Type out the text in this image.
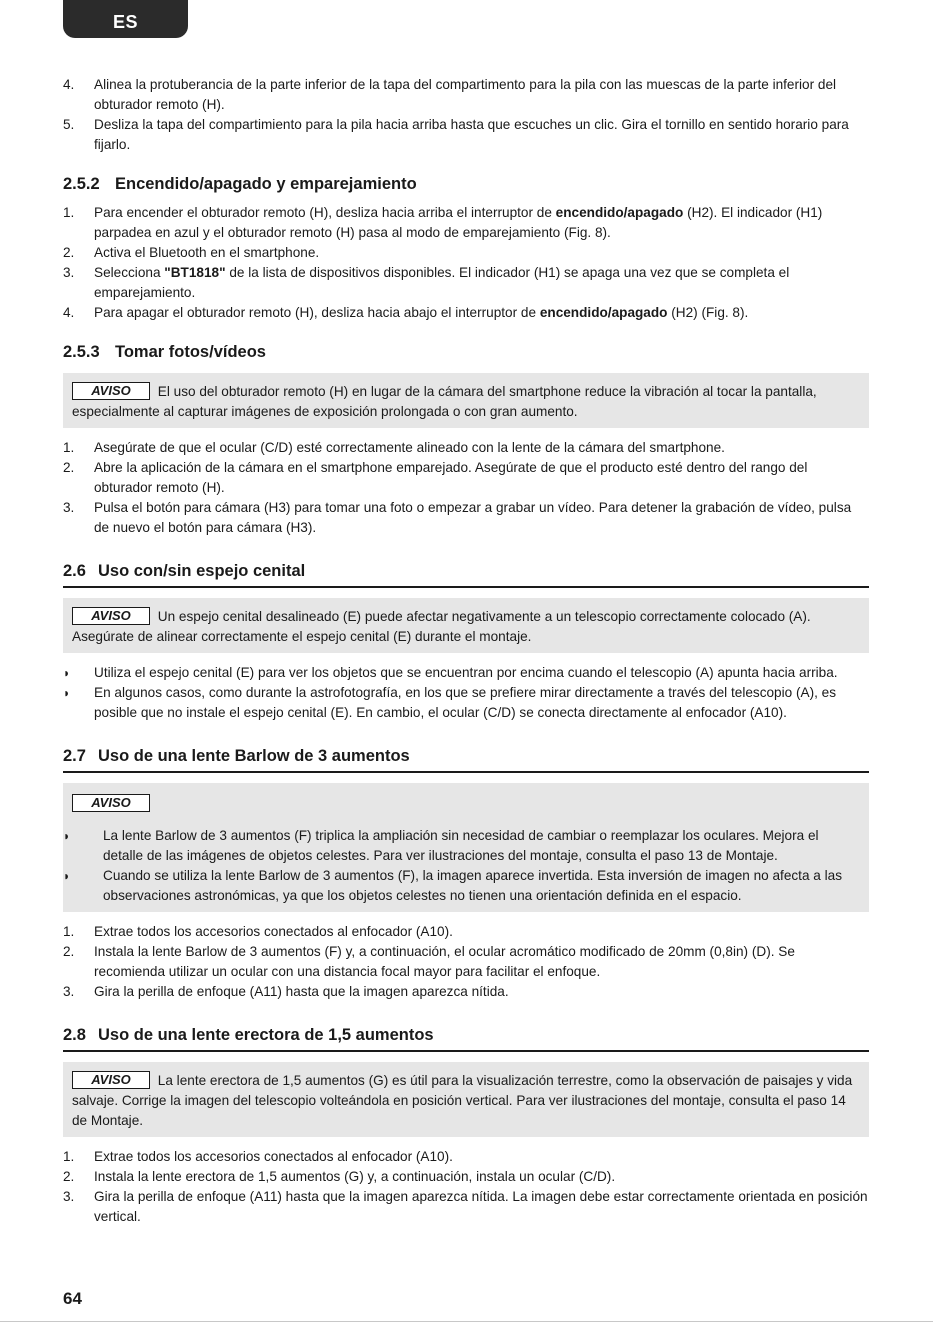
ES
4. Alinea la protuberancia de la parte inferior de la tapa del compartimento para la pila con las muescas de la parte inferior del obturador remoto (H).
5. Desliza la tapa del compartimiento para la pila hacia arriba hasta que escuches un clic. Gira el tornillo en sentido horario para fijarlo.
2.5.2 Encendido/apagado y emparejamiento
1. Para encender el obturador remoto (H), desliza hacia arriba el interruptor de encendido/apagado (H2). El indicador (H1) parpadea en azul y el obturador remoto (H) pasa al modo de emparejamiento (Fig. 8).
2. Activa el Bluetooth en el smartphone.
3. Selecciona "BT1818" de la lista de dispositivos disponibles. El indicador (H1) se apaga una vez que se completa el emparejamiento.
4. Para apagar el obturador remoto (H), desliza hacia abajo el interruptor de encendido/apagado (H2) (Fig. 8).
2.5.3 Tomar fotos/vídeos
AVISO El uso del obturador remoto (H) en lugar de la cámara del smartphone reduce la vibración al tocar la pantalla, especialmente al capturar imágenes de exposición prolongada o con gran aumento.
1. Asegúrate de que el ocular (C/D) esté correctamente alineado con la lente de la cámara del smartphone.
2. Abre la aplicación de la cámara en el smartphone emparejado. Asegúrate de que el producto esté dentro del rango del obturador remoto (H).
3. Pulsa el botón para cámara (H3) para tomar una foto o empezar a grabar un vídeo. Para detener la grabación de vídeo, pulsa de nuevo el botón para cámara (H3).
2.6 Uso con/sin espejo cenital
AVISO Un espejo cenital desalineado (E) puede afectar negativamente a un telescopio correctamente colocado (A). Asegúrate de alinear correctamente el espejo cenital (E) durante el montaje.
◗ Utiliza el espejo cenital (E) para ver los objetos que se encuentran por encima cuando el telescopio (A) apunta hacia arriba.
◗ En algunos casos, como durante la astrofotografía, en los que se prefiere mirar directamente a través del telescopio (A), es posible que no instale el espejo cenital (E). En cambio, el ocular (C/D) se conecta directamente al enfocador (A10).
2.7 Uso de una lente Barlow de 3 aumentos
AVISO
◗ La lente Barlow de 3 aumentos (F) triplica la ampliación sin necesidad de cambiar o reemplazar los oculares. Mejora el detalle de las imágenes de objetos celestes. Para ver ilustraciones del montaje, consulta el paso 13 de Montaje.
◗ Cuando se utiliza la lente Barlow de 3 aumentos (F), la imagen aparece invertida. Esta inversión de imagen no afecta a las observaciones astronómicas, ya que los objetos celestes no tienen una orientación definida en el espacio.
1. Extrae todos los accesorios conectados al enfocador (A10).
2. Instala la lente Barlow de 3 aumentos (F) y, a continuación, el ocular acromático modificado de 20mm (0,8in) (D). Se recomienda utilizar un ocular con una distancia focal mayor para facilitar el enfoque.
3. Gira la perilla de enfoque (A11) hasta que la imagen aparezca nítida.
2.8 Uso de una lente erectora de 1,5 aumentos
AVISO La lente erectora de 1,5 aumentos (G) es útil para la visualización terrestre, como la observación de paisajes y vida salvaje. Corrige la imagen del telescopio volteándola en posición vertical. Para ver ilustraciones del montaje, consulta el paso 14 de Montaje.
1. Extrae todos los accesorios conectados al enfocador (A10).
2. Instala la lente erectora de 1,5 aumentos (G) y, a continuación, instala un ocular (C/D).
3. Gira la perilla de enfoque (A11) hasta que la imagen aparezca nítida. La imagen debe estar correctamente orientada en posición vertical.
64
